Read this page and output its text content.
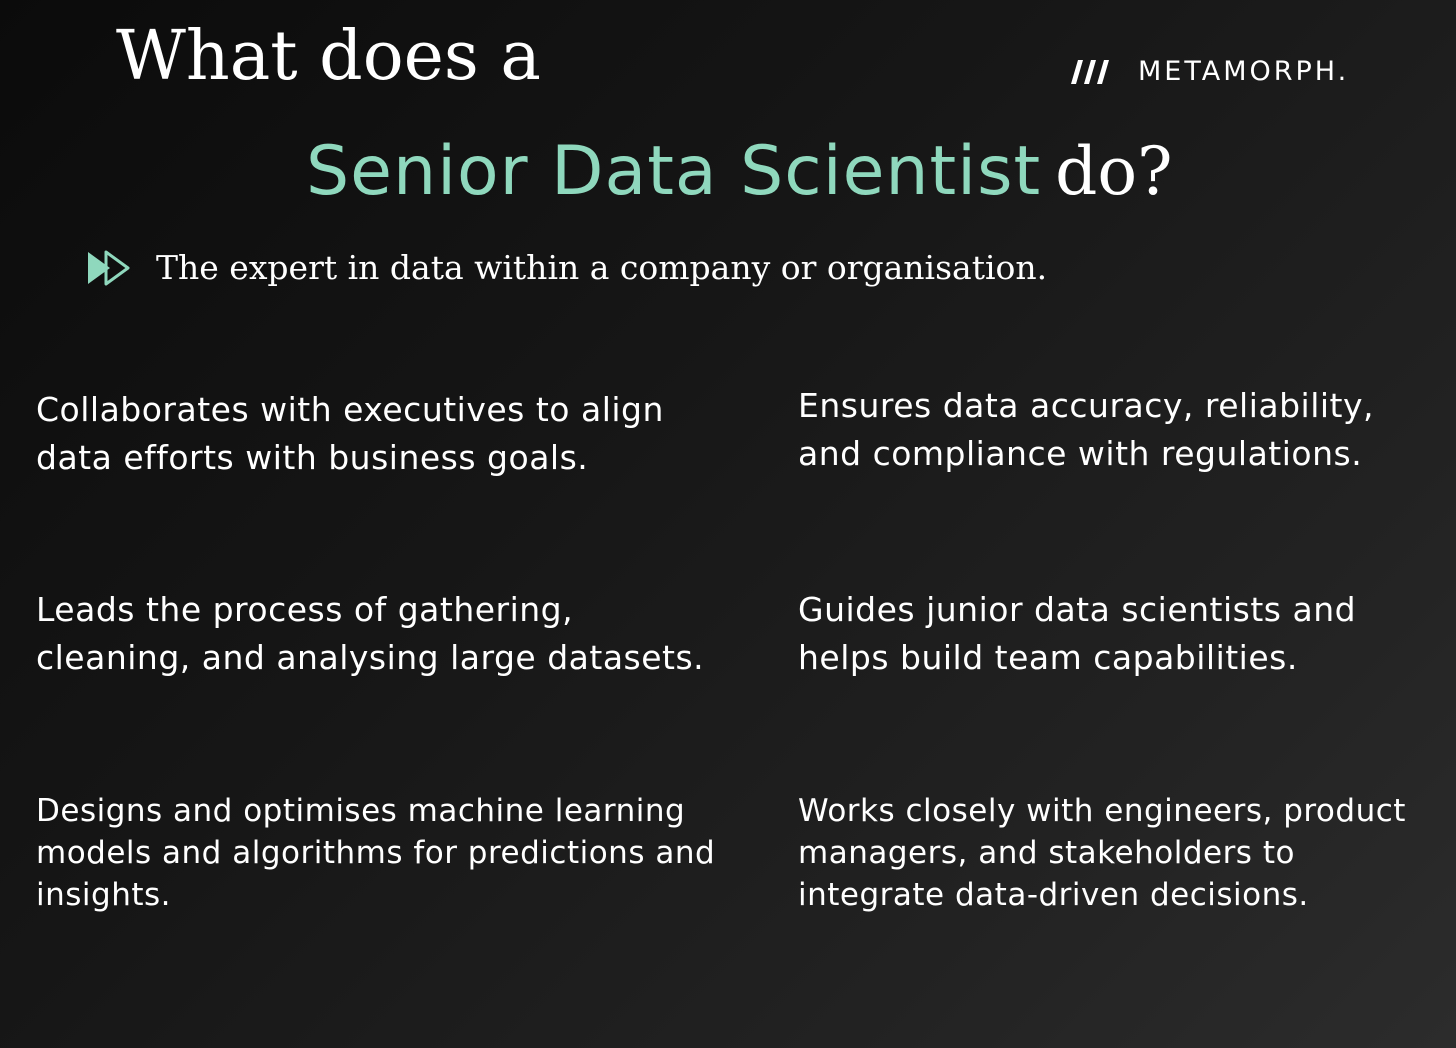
What does a
Senior Data Scientist do?
METAMORPH.
The expert in data within a company or organisation.

Collaborates with executives to align data efforts with business goals.

Ensures data accuracy, reliability, and compliance with regulations.

Leads the process of gathering, cleaning, and analysing large datasets.

Guides junior data scientists and helps build team capabilities.

Designs and optimises machine learning models and algorithms for predictions and insights.

Works closely with engineers, product managers, and stakeholders to integrate data-driven decisions.
